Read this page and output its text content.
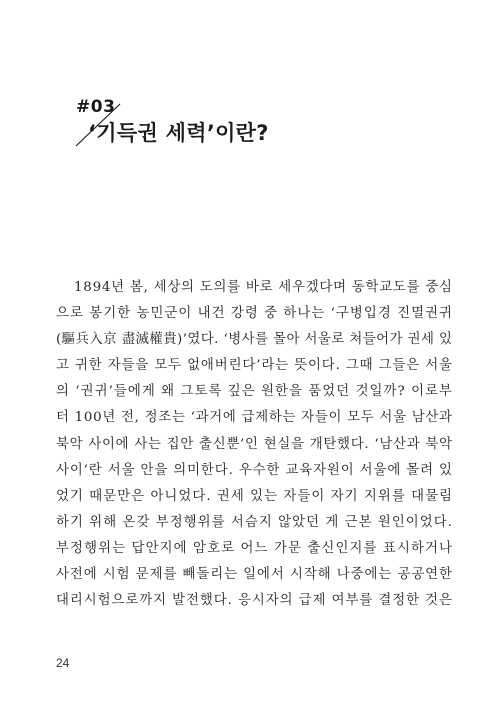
#03
‘기득권 세력’이란?
1894년 봄, 세상의 도의를 바로 세우겠다며 동학교도를 중심
으로 봉기한 농민군이 내건 강령 중 하나는 ‘구병입경 진멸권귀
(驅兵入京 盡滅權貴)’였다. ‘병사를 몰아 서울로 쳐들어가 권세 있
고 귀한 자들을 모두 없애버린다’라는 뜻이다. 그때 그들은 서울
의 ‘권귀’들에게 왜 그토록 깊은 원한을 품었던 것일까? 이로부
터 100년 전, 정조는 ‘과거에 급제하는 자들이 모두 서울 남산과
북악 사이에 사는 집안 출신뿐’인 현실을 개탄했다. ‘남산과 북악
사이’란 서울 안을 의미한다. 우수한 교육자원이 서울에 몰려 있
었기 때문만은 아니었다. 권세 있는 자들이 자기 지위를 대물림
하기 위해 온갖 부정행위를 서슴지 않았던 게 근본 원인이었다.
부정행위는 답안지에 암호로 어느 가문 출신인지를 표시하거나
사전에 시험 문제를 빼돌리는 일에서 시작해 나중에는 공공연한
대리시험으로까지 발전했다. 응시자의 급제 여부를 결정한 것은
24
